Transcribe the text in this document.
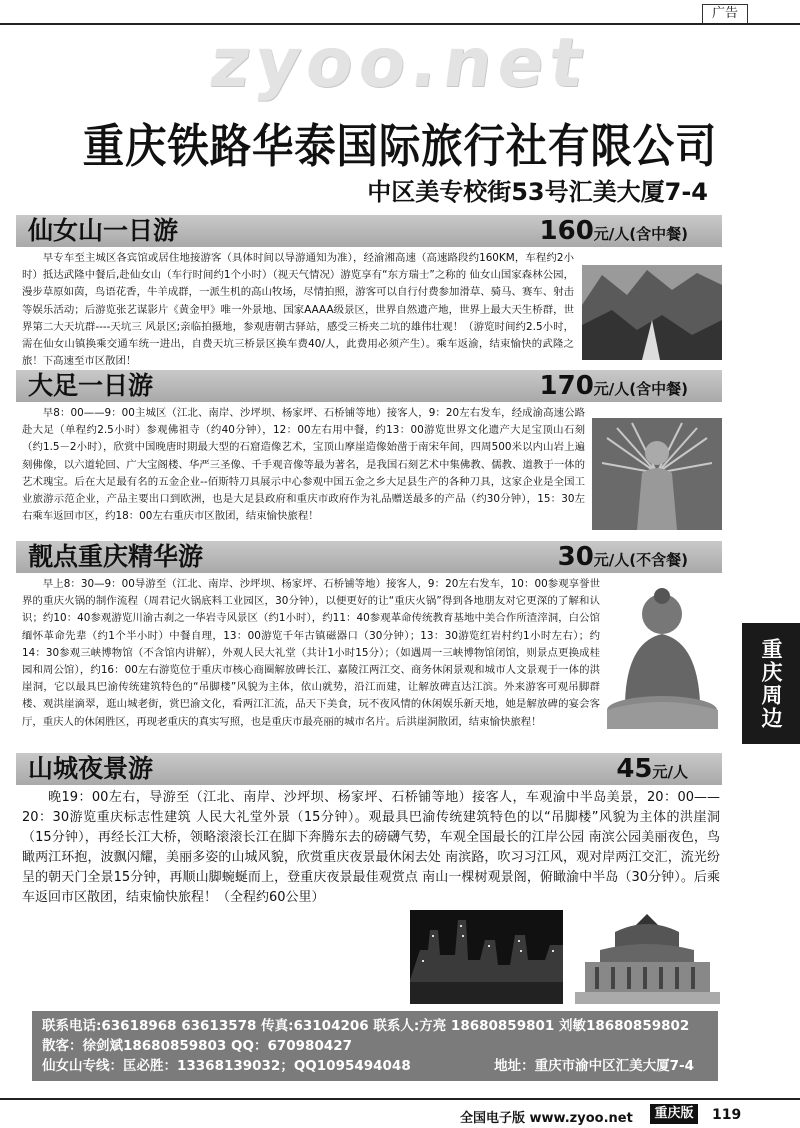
广告
zyoo.net
重庆铁路华泰国际旅行社有限公司
中区美专校街53号汇美大厦7-4
仙女山一日游	160元/人(含中餐)
早专车至主城区各宾馆或居住地接游客（具体时间以导游通知为准），经渝湘高速（高速路段约160KM，车程约2小时）抵达武隆中餐后,赴仙女山（车行时间约1个小时）（视天气情况）游览享有“东方瑞士”之称的 仙女山国家森林公园，漫步草原如茵，鸟语花香，牛羊成群，一派生机的高山牧场，尽情拍照，游客可以自行付费参加滑草、骑马、赛车、射击等娱乐活动；后游览张艺谋影片《黄金甲》唯一外景地、国家AAAA级景区，世界自然遗产地，世界上最大天生桥群，世界第二大天坑群----天坑三 风景区;亲临拍摄地，参观唐朝古驿站，感受三桥夹二坑的雄伟壮观！（游览时间约2.5小时，需在仙女山镇换乘交通车统一进出，自费天坑三桥景区换车费40/人，此费用必须产生）。乘车返渝，结束愉快的武隆之旅！下高速至市区散团！
大足一日游	170元/人(含中餐)
早8：00——9：00主城区（江北、南岸、沙坪坝、杨家坪、石桥铺等地）接客人，9：20左右发车，经成渝高速公路赴大足（单程约2.5小时）参观佛祖寺（约40分钟），12：00左右用中餐，约13：00游览世界文化遗产大足宝顶山石刻（约1.5－2小时），欣赏中国晚唐时期最大型的石窟造像艺术，宝顶山摩崖造像始凿于南宋年间，四周500米以内山岩上遍刻佛像，以六道轮回、广大宝阁楼、华严三圣像、千手观音像等最为著名，是我国石刻艺术中集佛教、儒教、道教于一体的艺术瑰宝。后在大足最有名的五金企业--佰斯特刀具展示中心参观中国五金之乡大足县生产的各种刀具，这家企业是全国工业旅游示范企业，产品主要出口到欧洲，也是大足县政府和重庆市政府作为礼品赠送最多的产品（约30分钟），15：30左右乘车返回市区，约18：00左右重庆市区散团，结束愉快旅程！
靓点重庆精华游	30元/人(不含餐)
早上8：30—9：00导游至（江北、南岸、沙坪坝、杨家坪、石桥铺等地）接客人，9：20左右发车，10：00参观享誉世界的重庆火锅的制作流程（周君记火锅底料工业园区，30分钟），以便更好的让“重庆火锅”得到各地朋友对它更深的了解和认识；约10：40参观游览川渝古刹之一华岩寺风景区（约1小时），约11：40参观革命传统教育基地中美合作所渣滓洞，白公馆缅怀革命先辈（约1个半小时）中餐自理，13：00游览千年古镇磁器口（30分钟）；13：30游览红岩村约1小时左右）；约14：30参观三峡博物馆（不含馆内讲解），外观人民大礼堂（共计1小时15分）；（如遇周一三峡博物馆闭馆，则景点更换成桂园和周公馆），约16：00左右游览位于重庆市核心商圈解放碑长江、嘉陵江两江交、商务休闲景观和城市人文景观于一体的洪崖洞，它以最具巴渝传统建筑特色的“吊脚楼”风貌为主体，依山就势，沿江而建，让解放碑直达江滨。外来游客可观吊脚群楼、观洪崖滴翠，逛山城老街，赏巴渝文化，看两江汇流，品天下美食，玩不夜风情的休闲娱乐新天地，她是解放碑的宴会客厅，重庆人的休闲胜区，再现老重庆的真实写照，也是重庆市最亮丽的城市名片。后洪崖洞散团，结束愉快旅程！
山城夜景游	45元/人
晚19：00左右，导游至（江北、南岸、沙坪坝、杨家坪、石桥铺等地）接客人，车观渝中半岛美景，20：00——20：30游览重庆标志性建筑 人民大礼堂外景（15分钟）。观最具巴渝传统建筑特色的以“吊脚楼”风貌为主体的洪崖洞（15分钟），再经长江大桥，领略滚滚长江在脚下奔腾东去的磅礴气势，车观全国最长的江岸公园 南滨公园美丽夜色，鸟瞰两江环抱，波飘闪耀，美丽多姿的山城风貌，欣赏重庆夜景最休闲去处 南滨路，吹习习江风，观对岸两江交汇，流光纷呈的朝天门全景15分钟，再顺山脚蜿蜒而上，登重庆夜景最佳观赏点 南山一棵树观景阁，俯瞰渝中半岛（30分钟）。后乘车返回市区散团，结束愉快旅程！（全程约60公里）
重庆周边
联系电话:63618968 63613578 传真:63104206 联系人:方亮 18680859801 刘敏18680859802
散客：徐剑斌18680859803 QQ：670980427
仙女山专线：匡必胜：13368139032；QQ1095494048	地址：重庆市渝中区汇美大厦7-4
全国电子版 www.zyoo.net	重庆版	119
